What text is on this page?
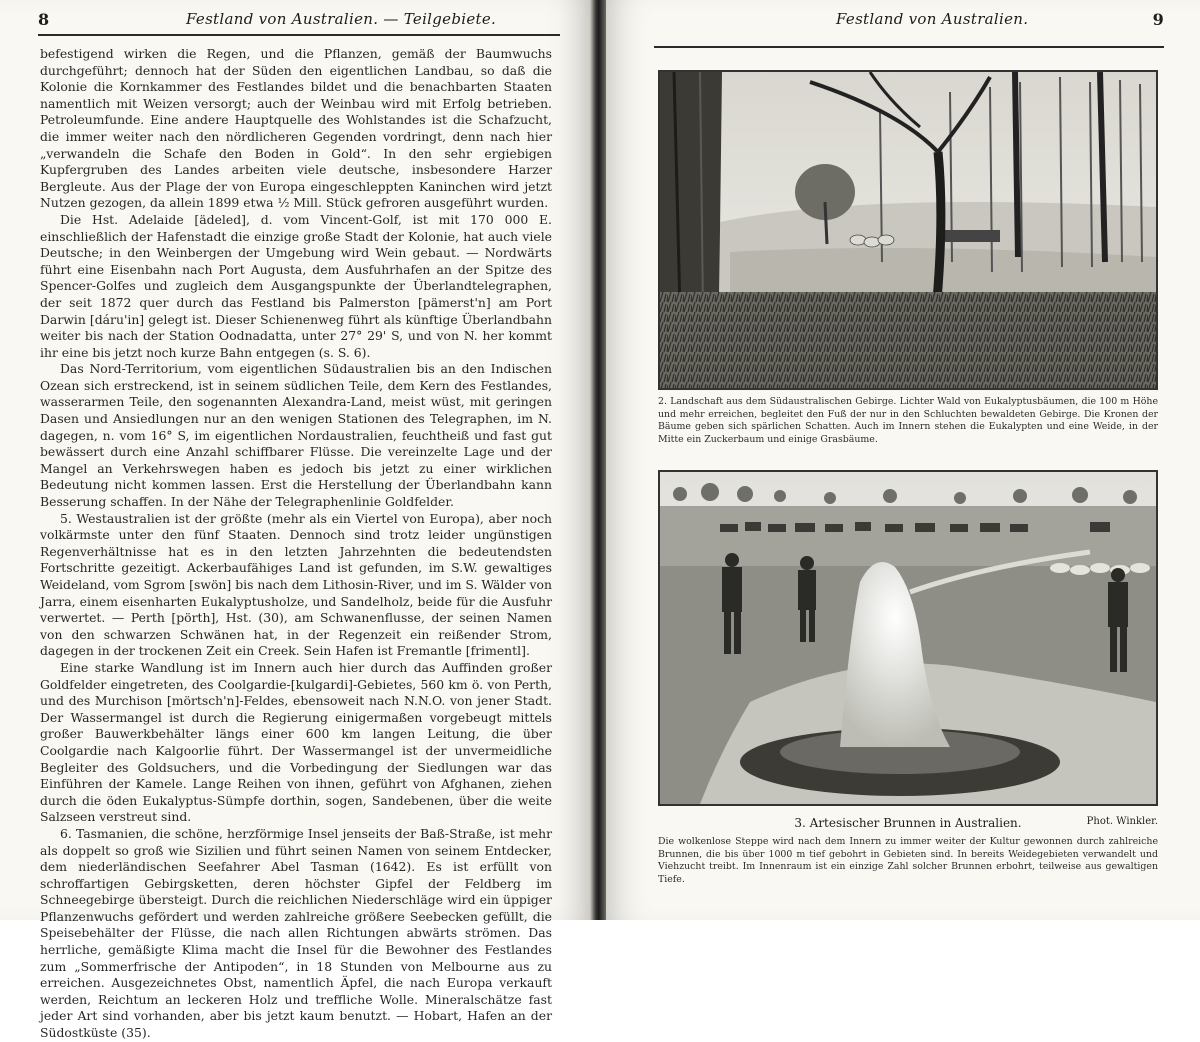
8	Festland von Australien. — Teilgebiete.

befestigend wirken die Regen, und die Pflanzen, gemäß der Baumwuchs durchgeführt; dennoch hat der Süden den eigentlichen Landbau, so daß die Kolonie die Kornkammer des Festlandes bildet und die benachbarten Staaten namentlich mit Weizen versorgt; auch der Weinbau wird mit Erfolg betrieben. Petroleumfunde. Eine andere Hauptquelle des Wohlstandes ist die Schafzucht, die immer weiter nach den nördlicheren Gegenden vordringt, denn nach hier „verwandeln die Schafe den Boden in Gold“. In den sehr ergiebigen Kupfergruben des Landes arbeiten viele deutsche, insbesondere Harzer Bergleute. Aus der Plage der von Europa eingeschleppten Kaninchen wird jetzt Nutzen gezogen, da allein 1899 etwa ½ Mill. Stück gefroren ausgeführt wurden.

Die Hst. Adelaide [ädeled], d. vom Vincent-Golf, ist mit 170 000 E. einschließlich der Hafenstadt die einzige große Stadt der Kolonie, hat auch viele Deutsche; in den Weinbergen der Umgebung wird Wein gebaut. — Nordwärts führt eine Eisenbahn nach Port Augusta, dem Ausfuhrhafen an der Spitze des Spencer-Golfes und zugleich dem Ausgangspunkte der Überlandtelegraphen, der seit 1872 quer durch das Festland bis Palmerston [pämerst'n] am Port Darwin [dáru'in] gelegt ist. Dieser Schienenweg führt als künftige Überlandbahn weiter bis nach der Station Oodnadatta, unter 27° 29' S, und von N. her kommt ihr eine bis jetzt noch kurze Bahn entgegen (s. S. 6).

Das Nord-Territorium, vom eigentlichen Südaustralien bis an den Indischen Ozean sich erstreckend, ist in seinem südlichen Teile, dem Kern des Festlandes, wasserarmen Teile, den sogenannten Alexandra-Land, meist wüst, mit geringen Dasen und Ansiedlungen nur an den wenigen Stationen des Telegraphen, im N. dagegen, n. vom 16° S, im eigentlichen Nordaustralien, feuchtheiß und fast gut bewässert durch eine Anzahl schiffbarer Flüsse. Die vereinzelte Lage und der Mangel an Verkehrswegen haben es jedoch bis jetzt zu einer wirklichen Bedeutung nicht kommen lassen. Erst die Herstellung der Überlandbahn kann Besserung schaffen. In der Nähe der Telegraphenlinie Goldfelder.

5. Westaustralien ist der größte (mehr als ein Viertel von Europa), aber noch volkärmste unter den fünf Staaten. Dennoch sind trotz leider ungünstigen Regenverhältnisse hat es in den letzten Jahrzehnten die bedeutendsten Fortschritte gezeitigt. Ackerbaufähiges Land ist gefunden, im S.W. gewaltiges Weideland, vom Sgrom [swön] bis nach dem Lithosin-River, und im S. Wälder von Jarra, einem eisenharten Eukalyptusholze, und Sandelholz, beide für die Ausfuhr verwertet. — Perth [pörth], Hst. (30), am Schwanenflusse, der seinen Namen von den schwarzen Schwänen hat, in der Regenzeit ein reißender Strom, dagegen in der trockenen Zeit ein Creek. Sein Hafen ist Fremantle [frimentl].

Eine starke Wandlung ist im Innern auch hier durch das Auffinden großer Goldfelder eingetreten, des Coolgardie-[kulgardi]-Gebietes, 560 km ö. von Perth, und des Murchison [mörtsch'n]-Feldes, ebensoweit nach N.N.O. von jener Stadt. Der Wassermangel ist durch die Regierung einigermaßen vorgebeugt mittels großer Bauwerkbehälter längs einer 600 km langen Leitung, die über Coolgardie nach Kalgoorlie führt. Der Wassermangel ist der unvermeidliche Begleiter des Goldsuchers, und die Vorbedingung der Siedlungen war das Einführen der Kamele. Lange Reihen von ihnen, geführt von Afghanen, ziehen durch die öden Eukalyptus-Sümpfe dorthin, sogen, Sandebenen, über die weite Salzseen verstreut sind.

6. Tasmanien, die schöne, herzförmige Insel jenseits der Baß-Straße, ist mehr als doppelt so groß wie Sizilien und führt seinen Namen von seinem Entdecker, dem niederländischen Seefahrer Abel Tasman (1642). Es ist erfüllt von schroffartigen Gebirgsketten, deren höchster Gipfel der Feldberg im Schneegebirge übersteigt. Durch die reichlichen Niederschläge wird ein üppiger Pflanzenwuchs gefördert und werden zahlreiche größere Seebecken gefüllt, die Speisebehälter der Flüsse, die nach allen Richtungen abwärts strömen. Das herrliche, gemäßigte Klima macht die Insel für die Bewohner des Festlandes zum „Sommerfrische der Antipoden“, in 18 Stunden von Melbourne aus zu erreichen. Ausgezeichnetes Obst, namentlich Äpfel, die nach Europa verkauft werden, Reichtum an leckeren Holz und treffliche Wolle. Mineralschätze fast jeder Art sind vorhanden, aber bis jetzt kaum benutzt. — Hobart, Hafen an der Südostküste (35).

Festland von Australien.	9
2. Landschaft aus dem Südaustralischen Gebirge. Lichter Wald von Eukalyptusbäumen, die 100 m Höhe und mehr erreichen, begleitet den Fuß der nur in den Schluchten bewaldeten Gebirge. Die Kronen der Bäume geben sich spärlichen Schatten. Auch im Innern stehen die Eukalypten und eine Weide, in der Mitte ein Zuckerbaum und einige Grasbäume.
3. Artesischer Brunnen in Australien.	Phot. Winkler.
Die wolkenlose Steppe wird nach dem Innern zu immer weiter der Kultur gewonnen durch zahlreiche Brunnen, die bis über 1000 m tief gebohrt in Gebieten sind. In bereits Weidegebieten verwandelt und Viehzucht treibt. Im Innenraum ist ein einzige Zahl solcher Brunnen erbohrt, teilweise aus gewaltigen Tiefe.
